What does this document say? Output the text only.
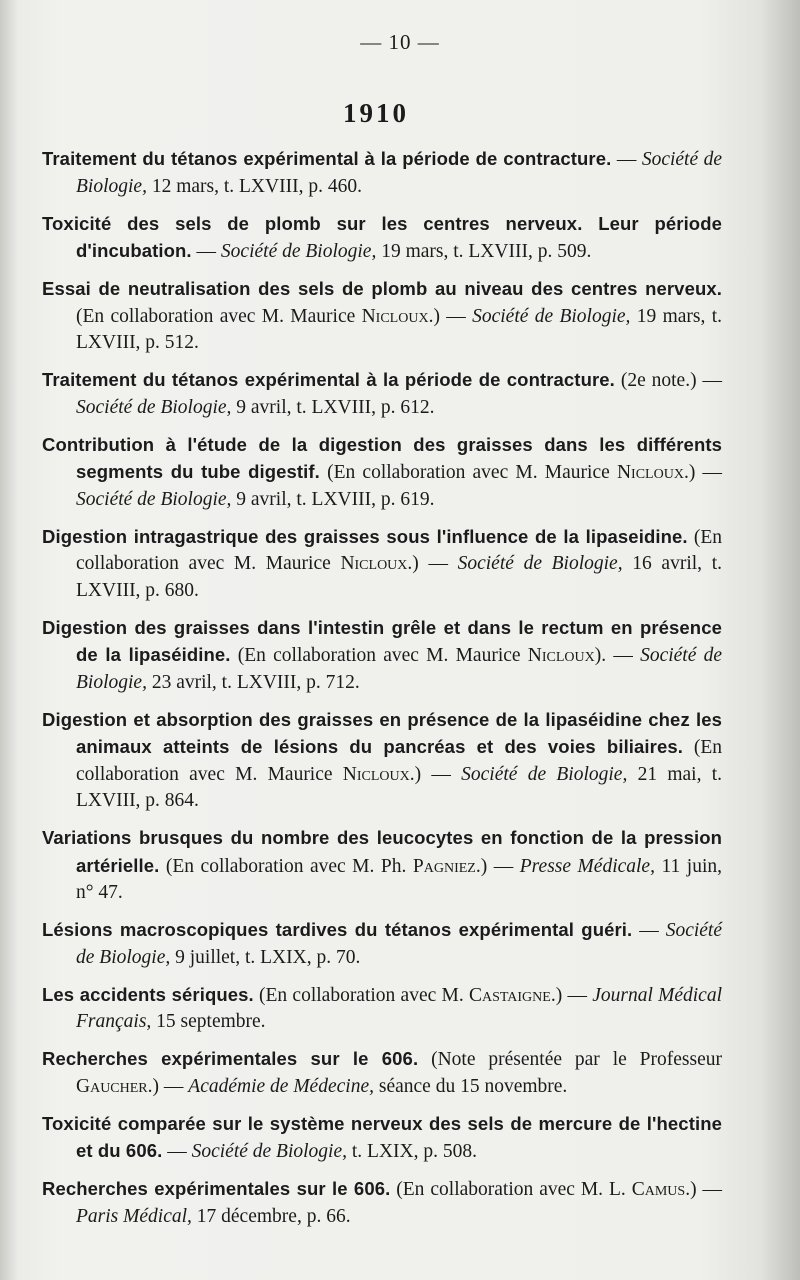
— 10 —
1910

Traitement du tétanos expérimental à la période de contracture. — Société de Biologie, 12 mars, t. LXVIII, p. 460.

Toxicité des sels de plomb sur les centres nerveux. Leur période d'incubation. — Société de Biologie, 19 mars, t. LXVIII, p. 509.

Essai de neutralisation des sels de plomb au niveau des centres nerveux. (En collaboration avec M. Maurice Nicloux.) — Société de Biologie, 19 mars, t. LXVIII, p. 512.

Traitement du tétanos expérimental à la période de contracture. (2e note.) — Société de Biologie, 9 avril, t. LXVIII, p. 612.

Contribution à l'étude de la digestion des graisses dans les différents segments du tube digestif. (En collaboration avec M. Maurice Nicloux.) — Société de Biologie, 9 avril, t. LXVIII, p. 619.

Digestion intragastrique des graisses sous l'influence de la lipaseidine. (En collaboration avec M. Maurice Nicloux.) — Société de Biologie, 16 avril, t. LXVIII, p. 680.

Digestion des graisses dans l'intestin grêle et dans le rectum en présence de la lipaséidine. (En collaboration avec M. Maurice Nicloux). — Société de Biologie, 23 avril, t. LXVIII, p. 712.

Digestion et absorption des graisses en présence de la lipaséidine chez les animaux atteints de lésions du pancréas et des voies biliaires. (En collaboration avec M. Maurice Nicloux.) — Société de Biologie, 21 mai, t. LXVIII, p. 864.

Variations brusques du nombre des leucocytes en fonction de la pression artérielle. (En collaboration avec M. Ph. Pagniez.) — Presse Médicale, 11 juin, n° 47.

Lésions macroscopiques tardives du tétanos expérimental guéri. — Société de Biologie, 9 juillet, t. LXIX, p. 70.

Les accidents sériques. (En collaboration avec M. Castaigne.) — Journal Médical Français, 15 septembre.

Recherches expérimentales sur le 606. (Note présentée par le Professeur Gaucher.) — Académie de Médecine, séance du 15 novembre.

Toxicité comparée sur le système nerveux des sels de mercure de l'hectine et du 606. — Société de Biologie, t. LXIX, p. 508.

Recherches expérimentales sur le 606. (En collaboration avec M. L. Camus.) — Paris Médical, 17 décembre, p. 66.
